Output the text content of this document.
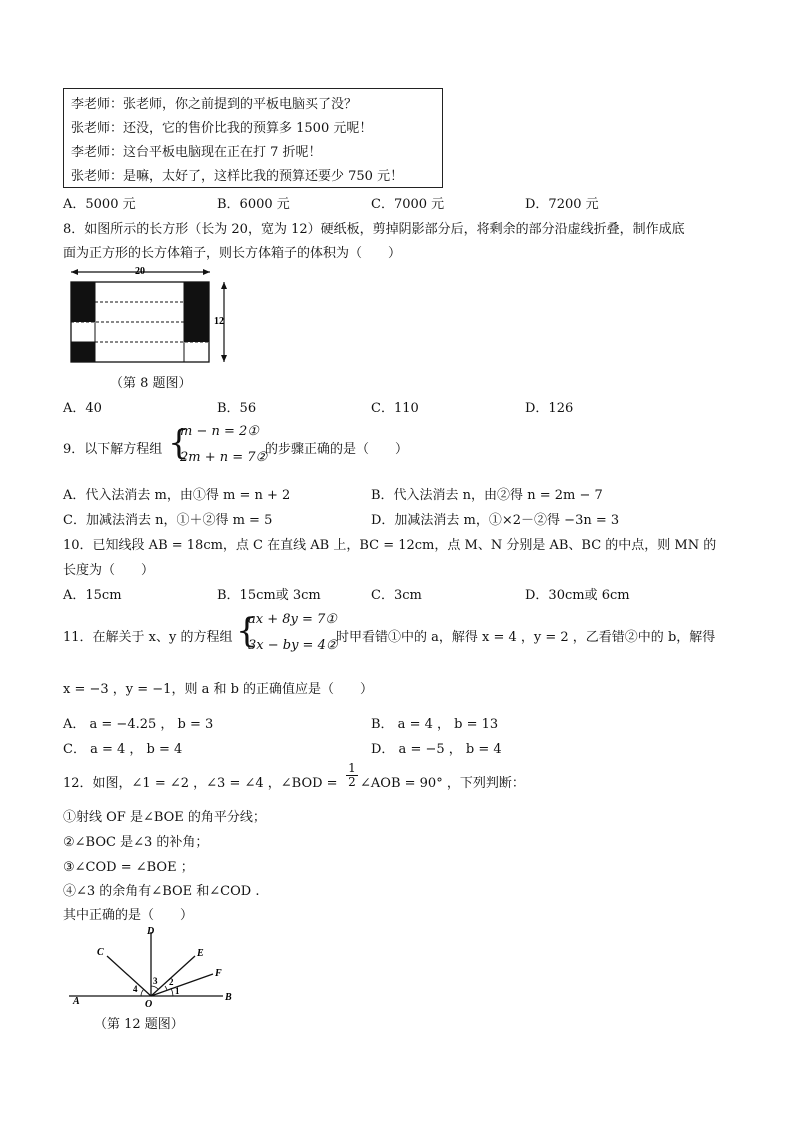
李老师：张老师，你之前提到的平板电脑买了没？
张老师：还没，它的售价比我的预算多 1500 元呢！
李老师：这台平板电脑现在正在打 7 折呢！
张老师：是嘛，太好了，这样比我的预算还要少 750 元！
A．5000 元	B．6000 元	C．7000 元	D．7200 元
8．如图所示的长方形（长为 20，宽为 12）硬纸板，剪掉阴影部分后，将剩余的部分沿虚线折叠，制作成底
面为正方形的长方体箱子，则长方体箱子的体积为（　　）
20
12
（第 8 题图）
A．40	B．56	C．110	D．126
9．以下解方程组 {
m − n = 2①
2m + n = 7②
的步骤正确的是（　　）
A．代入法消去 m，由①得 m = n + 2	B．代入法消去 n，由②得 n = 2m − 7
C．加减法消去 n，①＋②得 m = 5	D．加减法消去 m，①×2－②得 −3n = 3
10．已知线段 AB = 18cm，点 C 在直线 AB 上，BC = 12cm，点 M、N 分别是 AB、BC 的中点，则 MN 的
长度为（　　）
A．15cm	B．15cm或 3cm	C．3cm	D．30cm或 6cm
11．在解关于 x、y 的方程组 {
ax + 8y = 7①
3x − by = 4②
时甲看错①中的 a，解得 x = 4 ，y = 2 ，乙看错②中的 b，解得
x = −3 ，y = −1，则 a 和 b 的正确值应是（　　）
A． a = −4.25 ， b = 3	B． a = 4 ， b = 13
C． a = 4 ， b = 4	D． a = −5 ， b = 4
12．如图，∠1 = ∠2 ，∠3 = ∠4 ，∠BOD = $\frac{1}{2}$ ∠AOB = 90° ，下列判断：
①射线 OF 是∠BOE 的角平分线；
②∠BOC 是∠3 的补角；
③∠COD = ∠BOE ；
④∠3 的余角有∠BOE 和∠COD .
其中正确的是（　　）
A	B
C
D
E
F
O
1
2
3
4
（第 12 题图）
